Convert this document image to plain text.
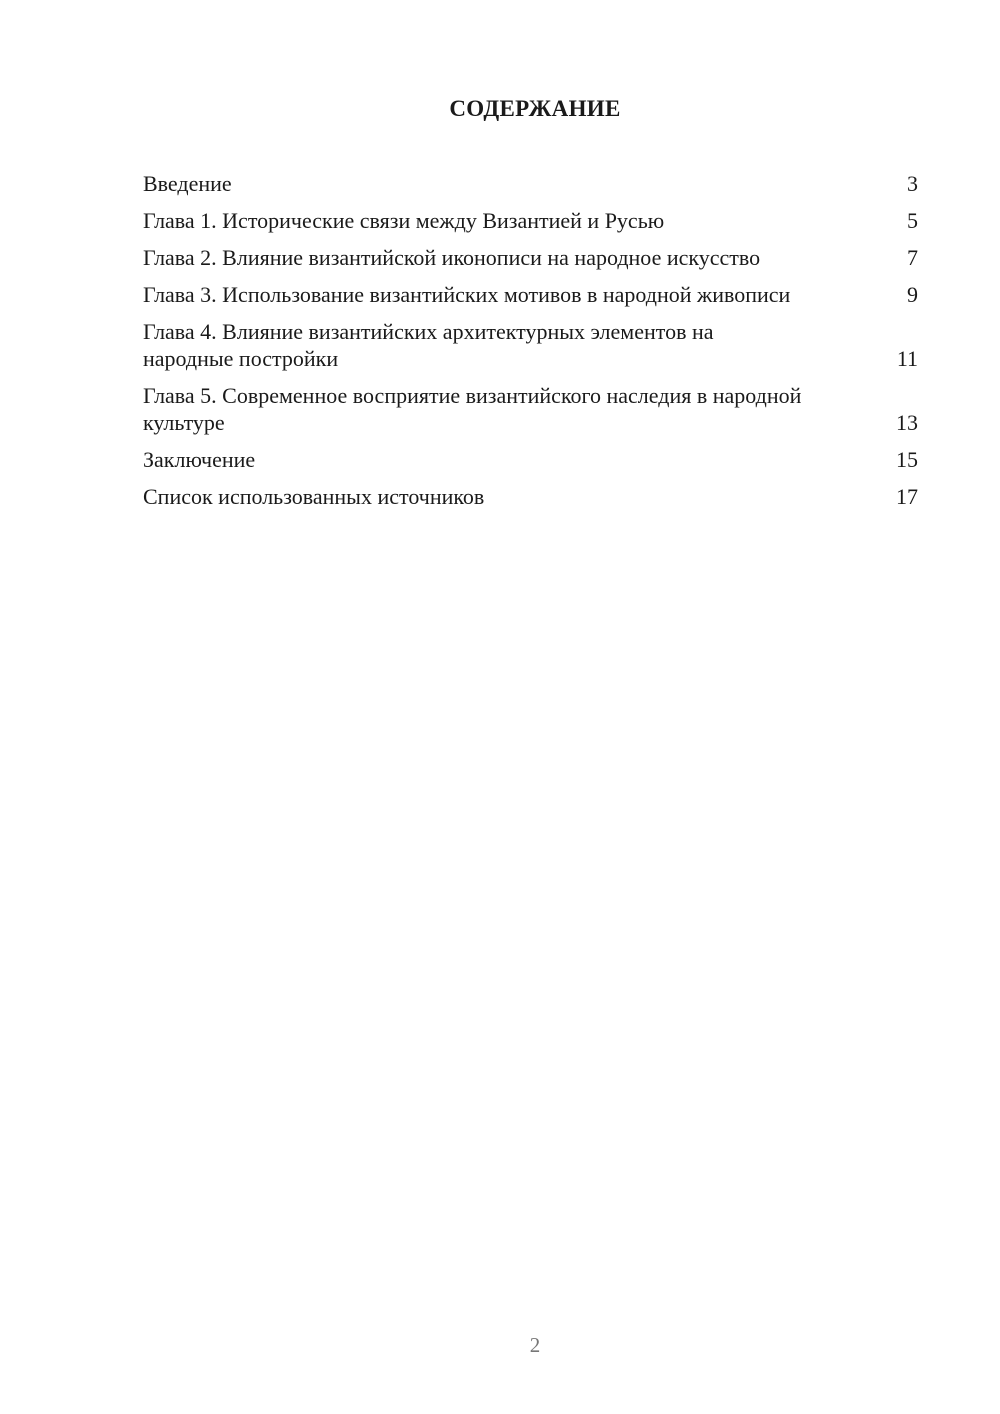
СОДЕРЖАНИЕ
Введение	3
Глава 1. Исторические связи между Византией и Русью	5
Глава 2. Влияние византийской иконописи на народное искусство	7
Глава 3. Использование византийских мотивов в народной живописи	9
Глава 4. Влияние византийских архитектурных элементов на народные постройки	11
Глава 5. Современное восприятие византийского наследия в народной культуре	13
Заключение	15
Список использованных источников	17
2
